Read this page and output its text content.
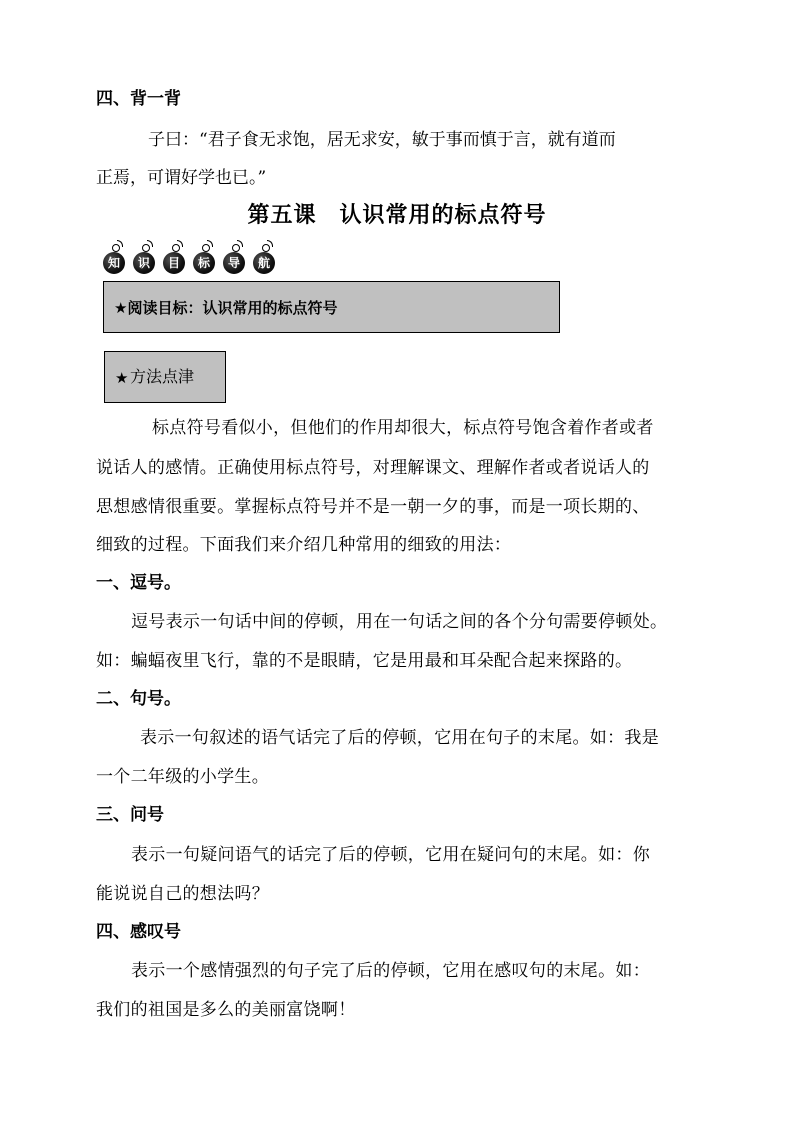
四、背一背
子曰：“君子食无求饱，居无求安，敏于事而慎于言，就有道而
正焉，可谓好学也已。”
第五课　认识常用的标点符号
知	识	目	标	导	航
★阅读目标：认识常用的标点符号
★ 方法点津
标点符号看似小，但他们的作用却很大，标点符号饱含着作者或者
说话人的感情。正确使用标点符号，对理解课文、理解作者或者说话人的
思想感情很重要。掌握标点符号并不是一朝一夕的事，而是一项长期的、
细致的过程。下面我们来介绍几种常用的细致的用法：
一、逗号。
逗号表示一句话中间的停顿，用在一句话之间的各个分句需要停顿处。
如：蝙蝠夜里飞行，靠的不是眼睛，它是用最和耳朵配合起来探路的。
二、句号。
表示一句叙述的语气话完了后的停顿，它用在句子的末尾。如：我是
一个二年级的小学生。
三、问号
表示一句疑问语气的话完了后的停顿，它用在疑问句的末尾。如：你
能说说自己的想法吗？
四、感叹号
表示一个感情强烈的句子完了后的停顿，它用在感叹句的末尾。如：
我们的祖国是多么的美丽富饶啊！
